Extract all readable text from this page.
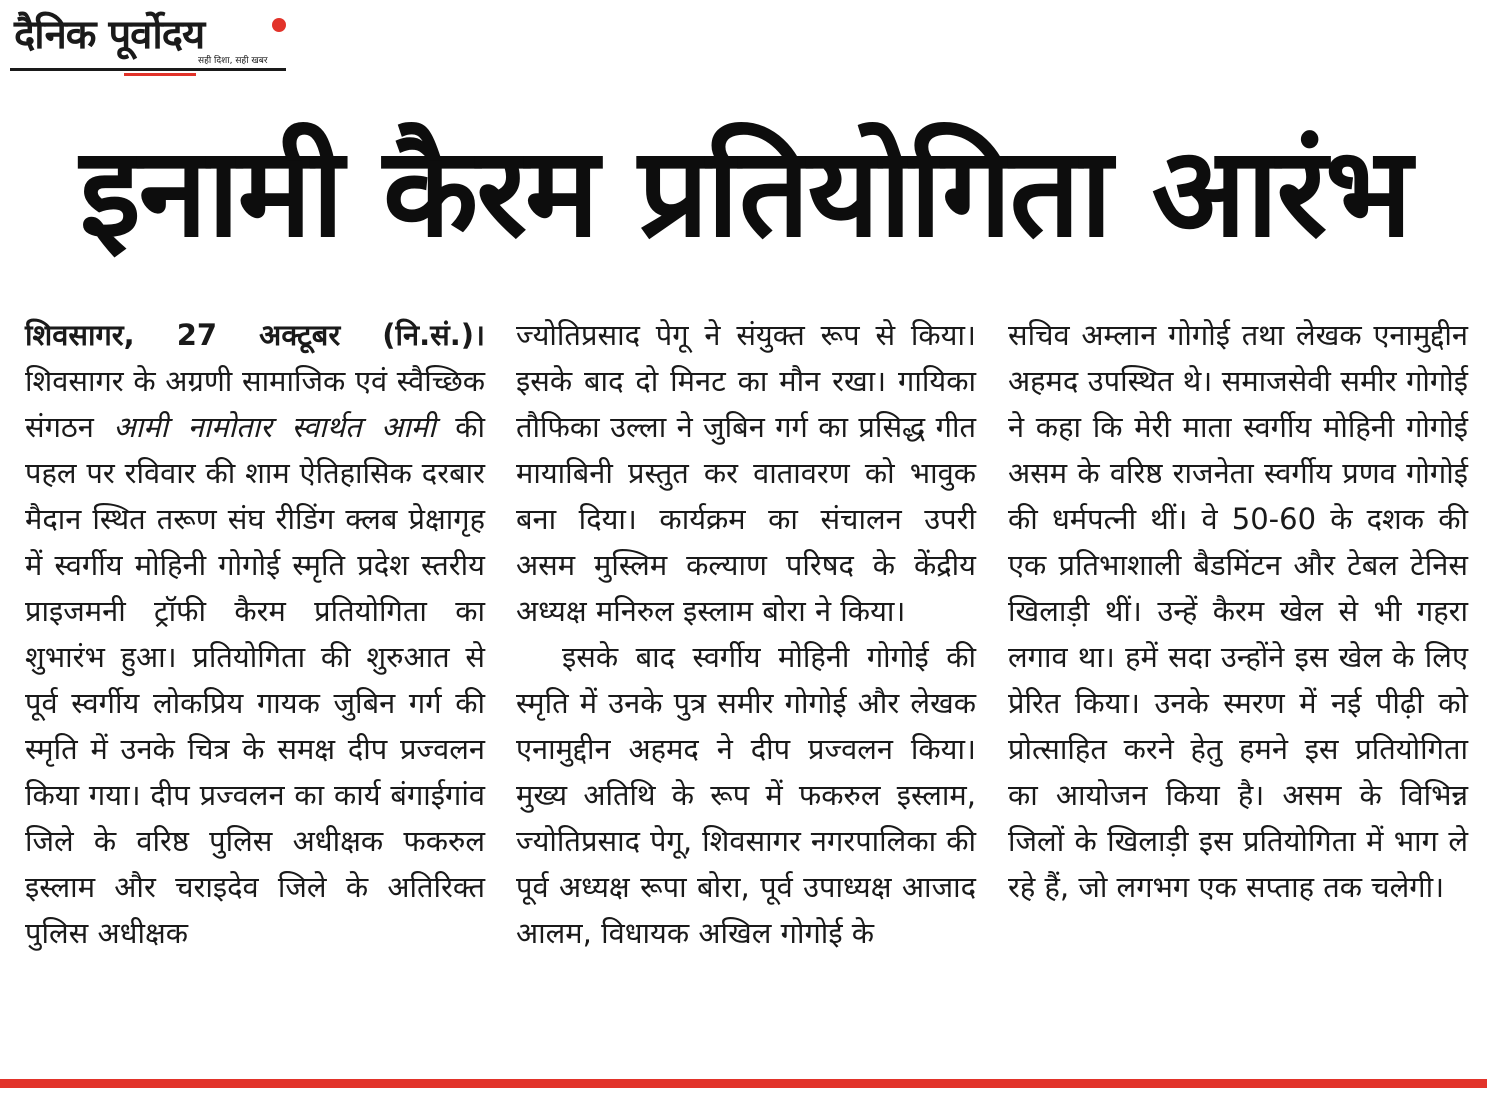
दैनिक पूर्वोदय
सही दिशा, सही खबर
इनामी कैरम प्रतियोगिता आरंभ

शिवसागर, 27 अक्टूबर (नि.सं.)। शिवसागर के अग्रणी सामाजिक एवं स्वैच्छिक संगठन आमी नामोतार स्वार्थत आमी की पहल पर रविवार की शाम ऐतिहासिक दरबार मैदान स्थित तरूण संघ रीडिंग क्लब प्रेक्षागृह में स्वर्गीय मोहिनी गोगोई स्मृति प्रदेश स्तरीय प्राइजमनी ट्रॉफी कैरम प्रतियोगिता का शुभारंभ हुआ। प्रतियोगिता की शुरुआत से पूर्व स्वर्गीय लोकप्रिय गायक जुबिन गर्ग की स्मृति में उनके चित्र के समक्ष दीप प्रज्वलन किया गया। दीप प्रज्वलन का कार्य बंगाईगांव जिले के वरिष्ठ पुलिस अधीक्षक फकरुल इस्लाम और चराइदेव जिले के अतिरिक्त पुलिस अधीक्षक

ज्योतिप्रसाद पेगू ने संयुक्त रूप से किया। इसके बाद दो मिनट का मौन रखा। गायिका तौफिका उल्ला ने जुबिन गर्ग का प्रसिद्ध गीत मायाबिनी प्रस्तुत कर वातावरण को भावुक बना दिया। कार्यक्रम का संचालन उपरी असम मुस्लिम कल्याण परिषद के केंद्रीय अध्यक्ष मनिरुल इस्लाम बोरा ने किया।

इसके बाद स्वर्गीय मोहिनी गोगोई की स्मृति में उनके पुत्र समीर गोगोई और लेखक एनामुद्दीन अहमद ने दीप प्रज्वलन किया। मुख्य अतिथि के रूप में फकरुल इस्लाम, ज्योतिप्रसाद पेगू, शिवसागर नगरपालिका की पूर्व अध्यक्ष रूपा बोरा, पूर्व उपाध्यक्ष आजाद आलम, विधायक अखिल गोगोई के

सचिव अम्लान गोगोई तथा लेखक एनामुद्दीन अहमद उपस्थित थे। समाजसेवी समीर गोगोई ने कहा कि मेरी माता स्वर्गीय मोहिनी गोगोई असम के वरिष्ठ राजनेता स्वर्गीय प्रणव गोगोई की धर्मपत्नी थीं। वे 50-60 के दशक की एक प्रतिभाशाली बैडमिंटन और टेबल टेनिस खिलाड़ी थीं। उन्हें कैरम खेल से भी गहरा लगाव था। हमें सदा उन्होंने इस खेल के लिए प्रेरित किया। उनके स्मरण में नई पीढ़ी को प्रोत्साहित करने हेतु हमने इस प्रतियोगिता का आयोजन किया है। असम के विभिन्न जिलों के खिलाड़ी इस प्रतियोगिता में भाग ले रहे हैं, जो लगभग एक सप्ताह तक चलेगी।
